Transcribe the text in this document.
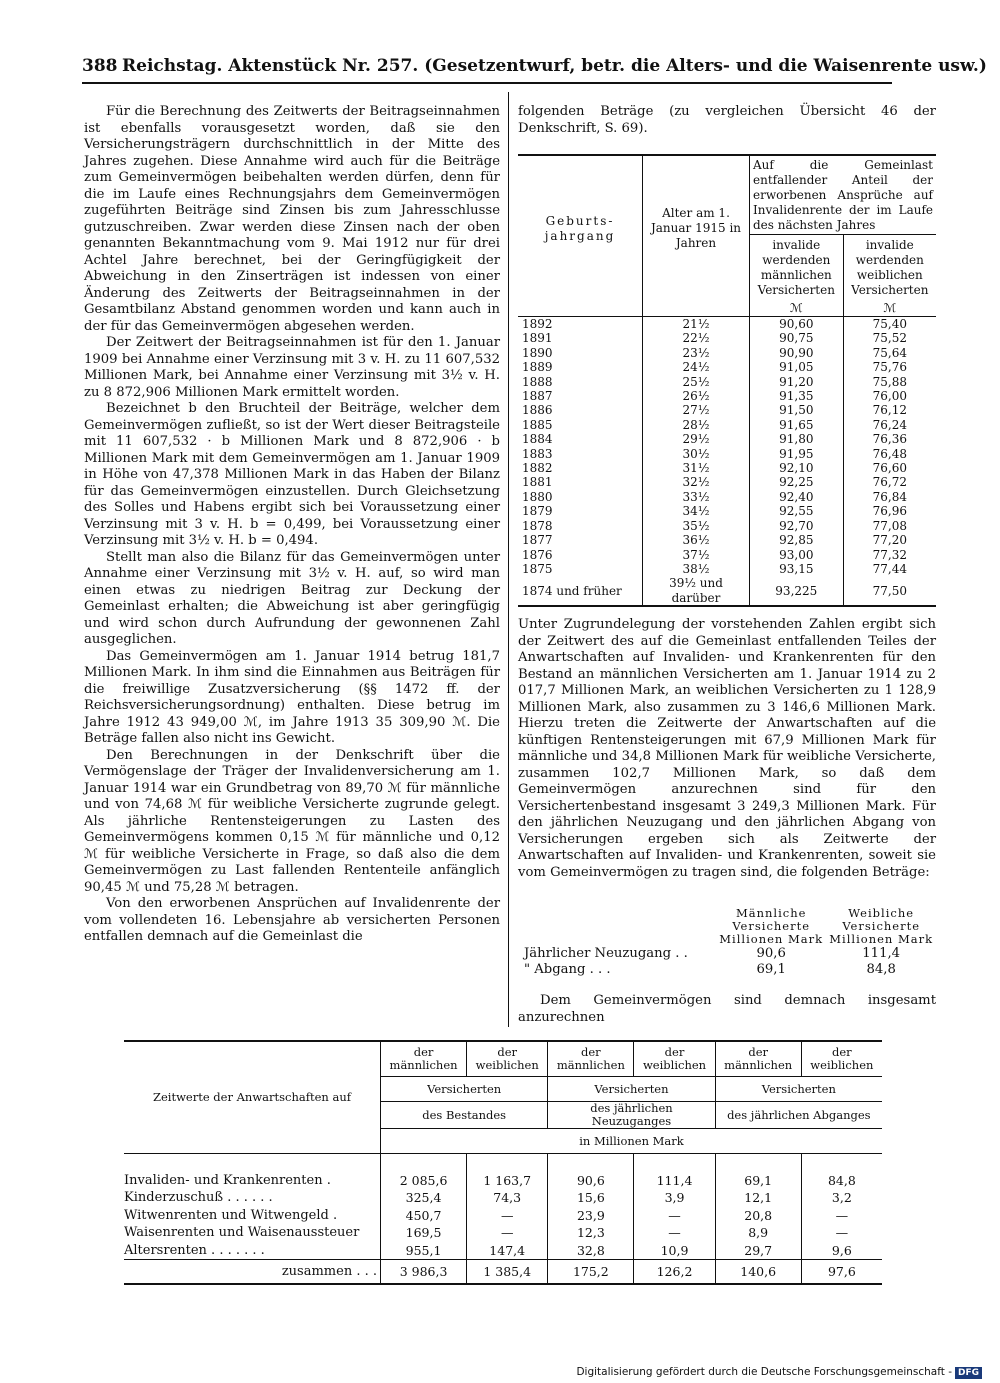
388 Reichstag. Aktenstück Nr. 257. (Gesetzentwurf, betr. die Alters- und die Waisenrente usw.)

Für die Berechnung des Zeitwerts der Beitragseinnahmen ist ebenfalls vorausgesetzt worden, daß sie den Versicherungsträgern durchschnittlich in der Mitte des Jahres zugehen. Diese Annahme wird auch für die Beiträge zum Gemeinvermögen beibehalten werden dürfen, denn für die im Laufe eines Rechnungsjahrs dem Gemeinvermögen zugeführten Beiträge sind Zinsen bis zum Jahresschlusse gutzuschreiben. Zwar werden diese Zinsen nach der oben genannten Bekanntmachung vom 9. Mai 1912 nur für drei Achtel Jahre berechnet, bei der Geringfügigkeit der Abweichung in den Zinserträgen ist indessen von einer Änderung des Zeitwerts der Beitragseinnahmen in der Gesamtbilanz Abstand genommen worden und kann auch in der für das Gemeinvermögen abgesehen werden.

Der Zeitwert der Beitragseinnahmen ist für den 1. Januar 1909 bei Annahme einer Verzinsung mit 3 v. H. zu 11 607,532 Millionen Mark, bei Annahme einer Verzinsung mit 3½ v. H. zu 8 872,906 Millionen Mark ermittelt worden.

Bezeichnet b den Bruchteil der Beiträge, welcher dem Gemeinvermögen zufließt, so ist der Wert dieser Beitragsteile mit 11 607,532 · b Millionen Mark und 8 872,906 · b Millionen Mark mit dem Gemeinvermögen am 1. Januar 1909 in Höhe von 47,378 Millionen Mark in das Haben der Bilanz für das Gemeinvermögen einzustellen. Durch Gleichsetzung des Solles und Habens ergibt sich bei Voraussetzung einer Verzinsung mit 3 v. H. b = 0,499, bei Voraussetzung einer Verzinsung mit 3½ v. H. b = 0,494.

Stellt man also die Bilanz für das Gemeinvermögen unter Annahme einer Verzinsung mit 3½ v. H. auf, so wird man einen etwas zu niedrigen Beitrag zur Deckung der Gemeinlast erhalten; die Abweichung ist aber geringfügig und wird schon durch Aufrundung der gewonnenen Zahl ausgeglichen.

Das Gemeinvermögen am 1. Januar 1914 betrug 181,7 Millionen Mark. In ihm sind die Einnahmen aus Beiträgen für die freiwillige Zusatzversicherung (§§ 1472 ff. der Reichsversicherungsordnung) enthalten. Diese betrug im Jahre 1912 43 949,00 ℳ, im Jahre 1913 35 309,90 ℳ. Die Beträge fallen also nicht ins Gewicht.

Den Berechnungen in der Denkschrift über die Vermögenslage der Träger der Invalidenversicherung am 1. Januar 1914 war ein Grundbetrag von 89,70 ℳ für männliche und von 74,68 ℳ für weibliche Versicherte zugrunde gelegt. Als jährliche Rentensteigerungen zu Lasten des Gemeinvermögens kommen 0,15 ℳ für männliche und 0,12 ℳ für weibliche Versicherte in Frage, so daß also die dem Gemeinvermögen zu Last fallenden Rententeile anfänglich 90,45 ℳ und 75,28 ℳ betragen.

Von den erworbenen Ansprüchen auf Invalidenrente der vom vollendeten 16. Lebensjahre ab versicherten Personen entfallen demnach auf die Gemeinlast die

folgenden Beträge (zu vergleichen Übersicht 46 der Denkschrift, S. 69).

Geburts-jahrgang	Alter am 1. Januar 1915 in Jahren	Auf die Gemeinlast entfallender Anteil der erworbenen Ansprüche auf Invalidenrente der im Laufe des nächsten Jahres	
		invalide werdenden männlichen Versicherten	invalide werdenden weiblichen Versicherten
		ℳ	ℳ
1892	21½	90,60	75,40
1891	22½	90,75	75,52
1890	23½	90,90	75,64
1889	24½	91,05	75,76
1888	25½	91,20	75,88
1887	26½	91,35	76,00
1886	27½	91,50	76,12
1885	28½	91,65	76,24
1884	29½	91,80	76,36
1883	30½	91,95	76,48
1882	31½	92,10	76,60
1881	32½	92,25	76,72
1880	33½	92,40	76,84
1879	34½	92,55	76,96
1878	35½	92,70	77,08
1877	36½	92,85	77,20
1876	37½	93,00	77,32
1875	38½	93,15	77,44
1874 und früher	39½ und darüber	93,225	77,50

Unter Zugrundelegung der vorstehenden Zahlen ergibt sich der Zeitwert des auf die Gemeinlast entfallenden Teiles der Anwartschaften auf Invaliden- und Krankenrenten für den Bestand an männlichen Versicherten am 1. Januar 1914 zu 2 017,7 Millionen Mark, an weiblichen Versicherten zu 1 128,9 Millionen Mark, also zusammen zu 3 146,6 Millionen Mark. Hierzu treten die Zeitwerte der Anwartschaften auf die künftigen Rentensteigerungen mit 67,9 Millionen Mark für männliche und 34,8 Millionen Mark für weibliche Versicherte, zusammen 102,7 Millionen Mark, so daß dem Gemeinvermögen anzurechnen sind für den Versichertenbestand insgesamt 3 249,3 Millionen Mark. Für den jährlichen Neuzugang und den jährlichen Abgang von Versicherungen ergeben sich als Zeitwerte der Anwartschaften auf Invaliden- und Krankenrenten, soweit sie vom Gemeinvermögen zu tragen sind, die folgenden Beträge:

	Männliche Versicherte Millionen Mark	Weibliche Versicherte Millionen Mark
Jährlicher Neuzugang . .	90,6	111,4
" Abgang . . .	69,1	84,8

Dem Gemeinvermögen sind demnach insgesamt anzurechnen

Zeitwerte der Anwartschaften auf	der männlichen	der weiblichen	der männlichen	der weiblichen	der männlichen	der weiblichen
	Versicherten		Versicherten		Versicherten	
	des Bestandes		des jährlichen Neuzuganges		des jährlichen Abganges	
	in Millionen Mark					

Invaliden- und Krankenrenten .	2 085,6	1 163,7	90,6	111,4	69,1	84,8
Kinderzuschuß . . . . . .	325,4	74,3	15,6	3,9	12,1	3,2
Witwenrenten und Witwengeld .	450,7	—	23,9	—	20,8	—
Waisenrenten und Waisenaussteuer	169,5	—	12,3	—	8,9	—
Altersrenten . . . . . . .	955,1	147,4	32,8	10,9	29,7	9,6
zusammen . . .	3 986,3	1 385,4	175,2	126,2	140,6	97,6
Digitalisierung gefördert durch die Deutsche Forschungsgemeinschaft - DFG
